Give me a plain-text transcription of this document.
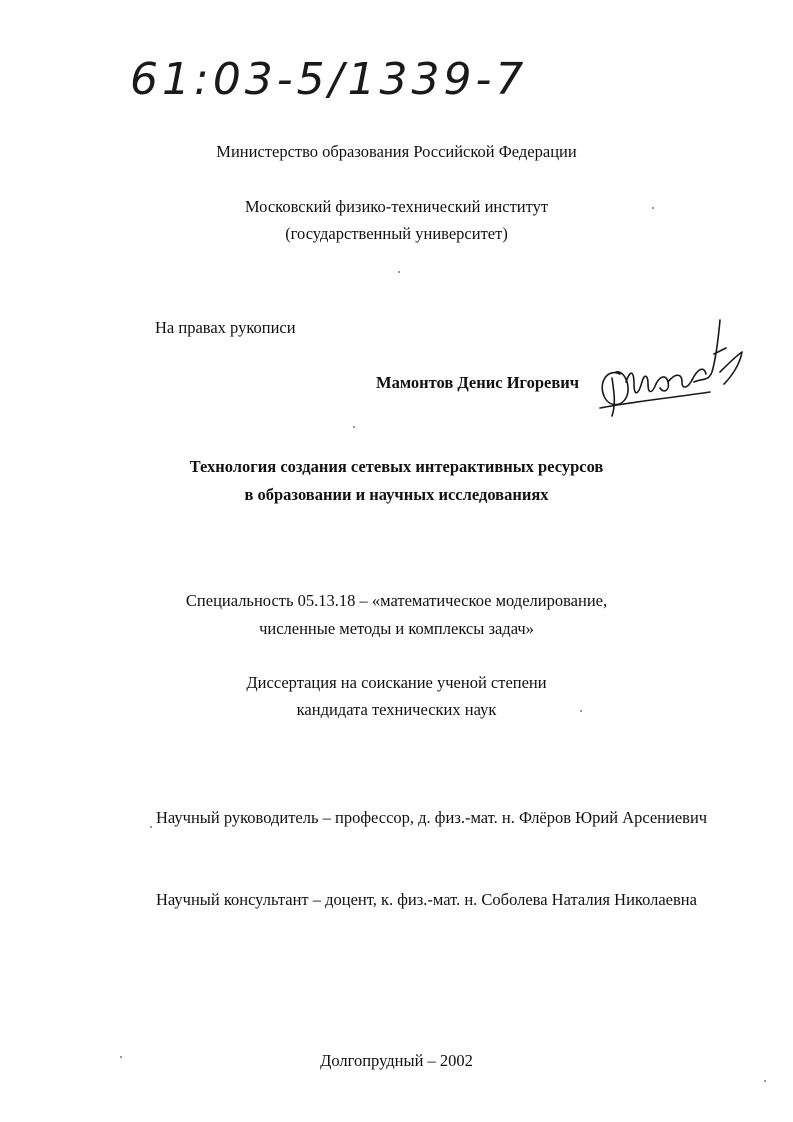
61:03-5/1339-7
Министерство образования Российской Федерации
Московский физико-технический институт
(государственный университет)
На правах рукописи
Мамонтов Денис Игоревич
Технология создания сетевых интерактивных ресурсов
в образовании и научных исследованиях
Специальность 05.13.18 – «математическое моделирование,
численные методы и комплексы задач»
Диссертация на соискание ученой степени
кандидата технических наук
Научный руководитель – профессор, д. физ.-мат. н. Флёров Юрий Арсениевич
Научный консультант – доцент, к. физ.-мат. н. Соболева Наталия Николаевна
Долгопрудный – 2002
